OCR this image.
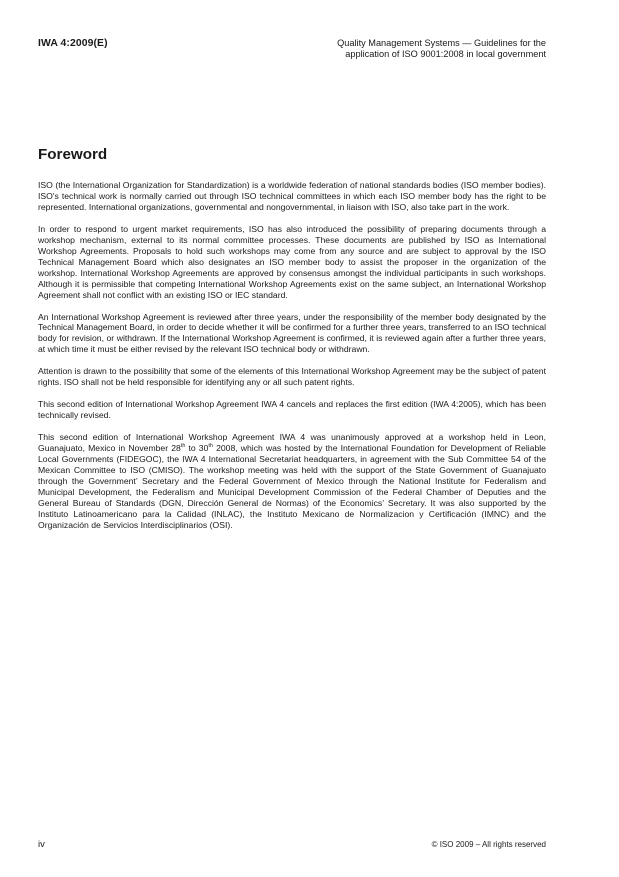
IWA 4:2009(E)	Quality Management Systems — Guidelines for the
application of ISO 9001:2008 in local government
Foreword

ISO (the International Organization for Standardization) is a worldwide federation of national standards bodies (ISO member bodies). ISO's technical work is normally carried out through ISO technical committees in which each ISO member body has the right to be represented. International organizations, governmental and nongovernmental, in liaison with ISO, also take part in the work.

In order to respond to urgent market requirements, ISO has also introduced the possibility of preparing documents through a workshop mechanism, external to its normal committee processes. These documents are published by ISO as International Workshop Agreements. Proposals to hold such workshops may come from any source and are subject to approval by the ISO Technical Management Board which also designates an ISO member body to assist the proposer in the organization of the workshop. International Workshop Agreements are approved by consensus amongst the individual participants in such workshops. Although it is permissible that competing International Workshop Agreements exist on the same subject, an International Workshop Agreement shall not conflict with an existing ISO or IEC standard.

An International Workshop Agreement is reviewed after three years, under the responsibility of the member body designated by the Technical Management Board, in order to decide whether it will be confirmed for a further three years, transferred to an ISO technical body for revision, or withdrawn. If the International Workshop Agreement is confirmed, it is reviewed again after a further three years, at which time it must be either revised by the relevant ISO technical body or withdrawn.

Attention is drawn to the possibility that some of the elements of this International Workshop Agreement may be the subject of patent rights. ISO shall not be held responsible for identifying any or all such patent rights.

This second edition of International Workshop Agreement IWA 4 cancels and replaces the first edition (IWA 4:2005), which has been technically revised.

This second edition of International Workshop Agreement IWA 4 was unanimously approved at a workshop held in Leon, Guanajuato, Mexico in November 28th to 30th 2008, which was hosted by the International Foundation for Development of Reliable Local Governments (FIDEGOC), the IWA 4 International Secretariat headquarters, in agreement with the Sub Committee 54 of the Mexican Committee to ISO (CMISO). The workshop meeting was held with the support of the State Government of Guanajuato through the Government’ Secretary and the Federal Government of Mexico through the National Institute for Federalism and Municipal Development, the Federalism and Municipal Development Commission of the Federal Chamber of Deputies and the General Bureau of Standards (DGN, Dirección General de Normas) of the Economics’ Secretary. It was also supported by the Instituto Latinoamericano para la Calidad (INLAC), the Instituto Mexicano de Normalizacion y Certificación (IMNC) and the Organización de Servicios Interdisciplinarios (OSI).

iv	© ISO 2009 – All rights reserved
